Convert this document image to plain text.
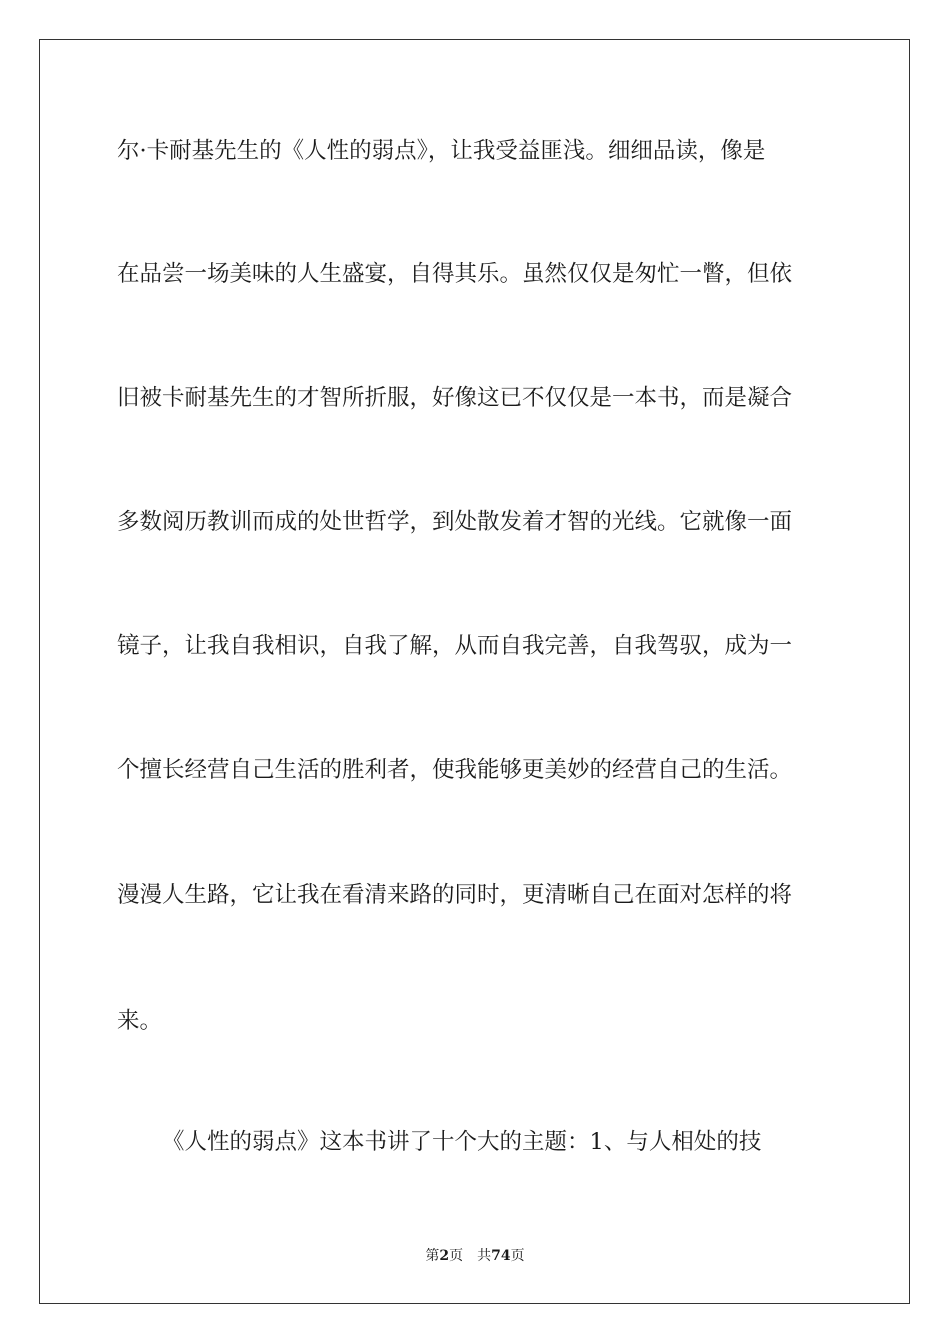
尔·卡耐基先生的《人性的弱点》，让我受益匪浅。细细品读，像是
在品尝一场美味的人生盛宴，自得其乐。虽然仅仅是匆忙一瞥，但依
旧被卡耐基先生的才智所折服，好像这已不仅仅是一本书，而是凝合
多数阅历教训而成的处世哲学，到处散发着才智的光线。它就像一面
镜子，让我自我相识，自我了解，从而自我完善，自我驾驭，成为一
个擅长经营自己生活的胜利者，使我能够更美妙的经营自己的生活。
漫漫人生路，它让我在看清来路的同时，更清晰自己在面对怎样的将
来。
《人性的弱点》这本书讲了十个大的主题：1、与人相处的技
第2页 共74页
